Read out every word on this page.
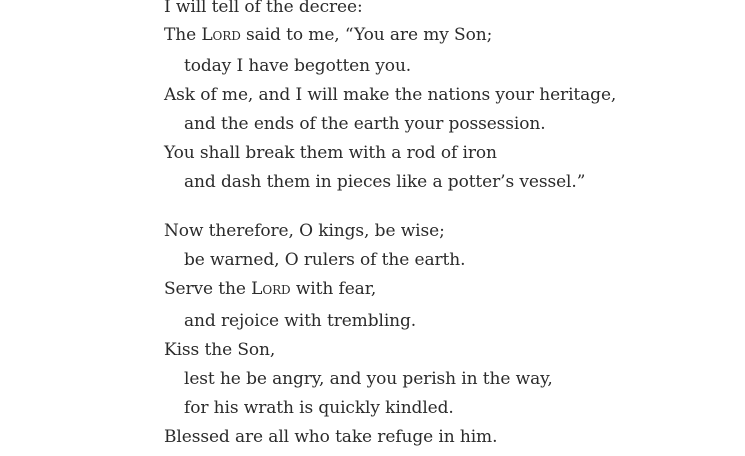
I will tell of the decree:
The Lord said to me, “You are my Son;
today I have begotten you.
Ask of me, and I will make the nations your heritage,
and the ends of the earth your possession.
You shall break them with a rod of iron
and dash them in pieces like a potter’s vessel.”
Now therefore, O kings, be wise;
be warned, O rulers of the earth.
Serve the Lord with fear,
and rejoice with trembling.
Kiss the Son,
lest he be angry, and you perish in the way,
for his wrath is quickly kindled.
Blessed are all who take refuge in him.
